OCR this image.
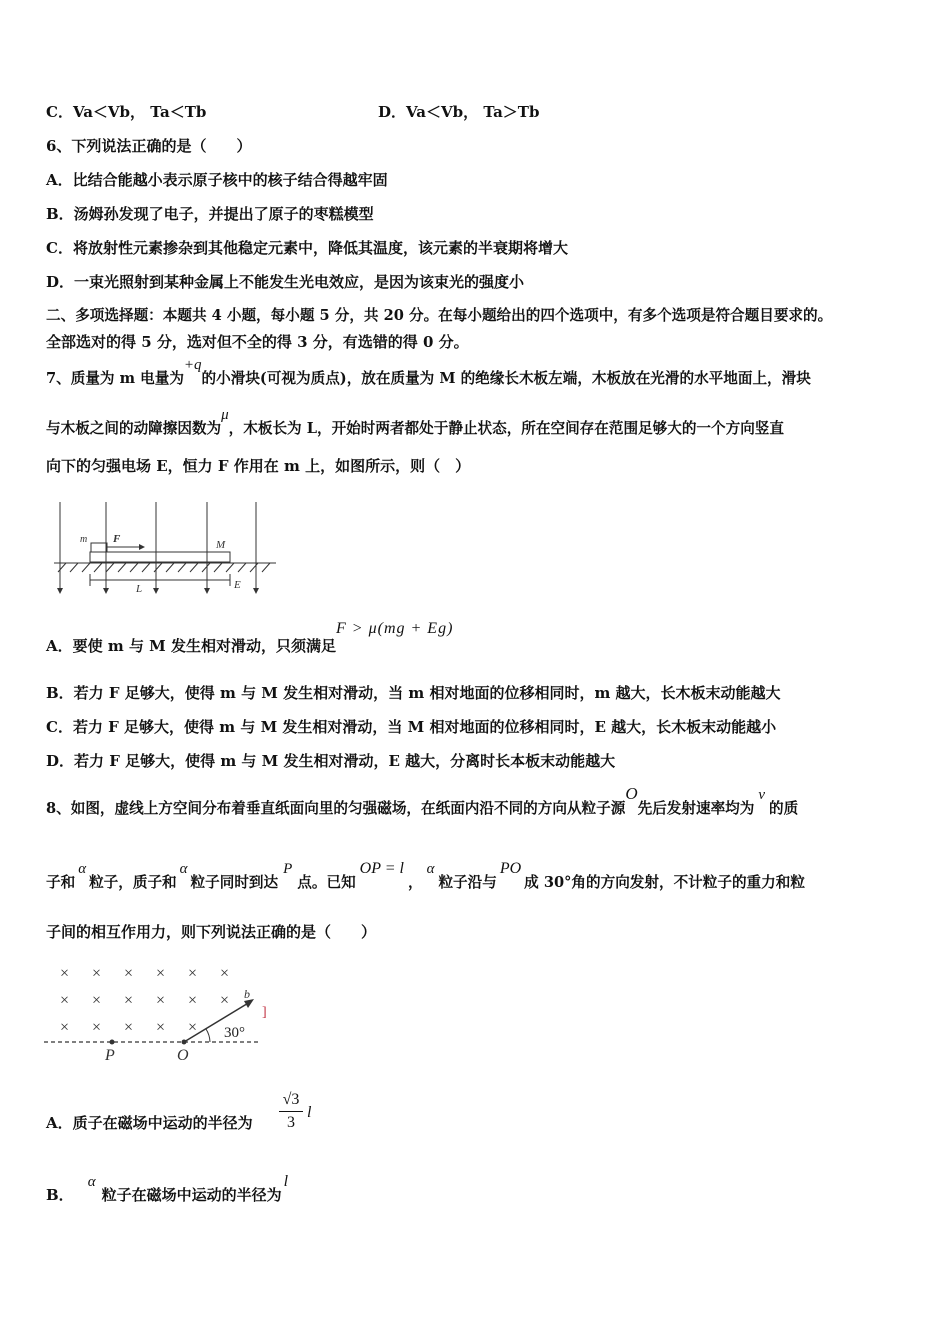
C．Va＜Vb， Ta＜Tb	D．Va＜Vb， Ta＞Tb
6、下列说法正确的是（　　）
A．比结合能越小表示原子核中的核子结合得越牢固
B．汤姆孙发现了电子，并提出了原子的枣糕模型
C．将放射性元素掺杂到其他稳定元素中，降低其温度，该元素的半衰期将增大
D．一束光照射到某种金属上不能发生光电效应，是因为该束光的强度小
二、多项选择题：本题共 4 小题，每小题 5 分，共 20 分。在每小题给出的四个选项中，有多个选项是符合题目要求的。
全部选对的得 5 分，选对但不全的得 3 分，有选错的得 0 分。
7、质量为 m 电量为+q的小滑块(可视为质点)，放在质量为 M 的绝缘长木板左端，木板放在光滑的水平地面上，滑块
与木板之间的动障擦因数为μ，木板长为 L，开始时两者都处于静止状态，所在空间存在范围足够大的一个方向竖直
向下的匀强电场 E，恒力 F 作用在 m 上，如图所示，则（　）
m F	M
L	E
A．要使 m 与 M 发生相对滑动，只须满足F > μ(mg + Eg)
B．若力 F 足够大，使得 m 与 M 发生相对滑动，当 m 相对地面的位移相同时，m 越大，长木板末动能越大
C．若力 F 足够大，使得 m 与 M 发生相对滑动，当 M 相对地面的位移相同时，E 越大，长木板末动能越小
D．若力 F 足够大，使得 m 与 M 发生相对滑动，E 越大，分离时长本板末动能越大
8、如图，虚线上方空间分布着垂直纸面向里的匀强磁场，在纸面内沿不同的方向从粒子源O先后发射速率均为v的质
子和α粒子，质子和α粒子同时到达P点。已知OP = l，α粒子沿与PO成 30°角的方向发射，不计粒子的重力和粒
子间的相互作用力，则下列说法正确的是（　　）
× × × × × ×
× × × × × ×
× × × × ×
b
30°
]
P	O
A．质子在磁场中运动的半径为
√3
3
l
B．α粒子在磁场中运动的半径为l
